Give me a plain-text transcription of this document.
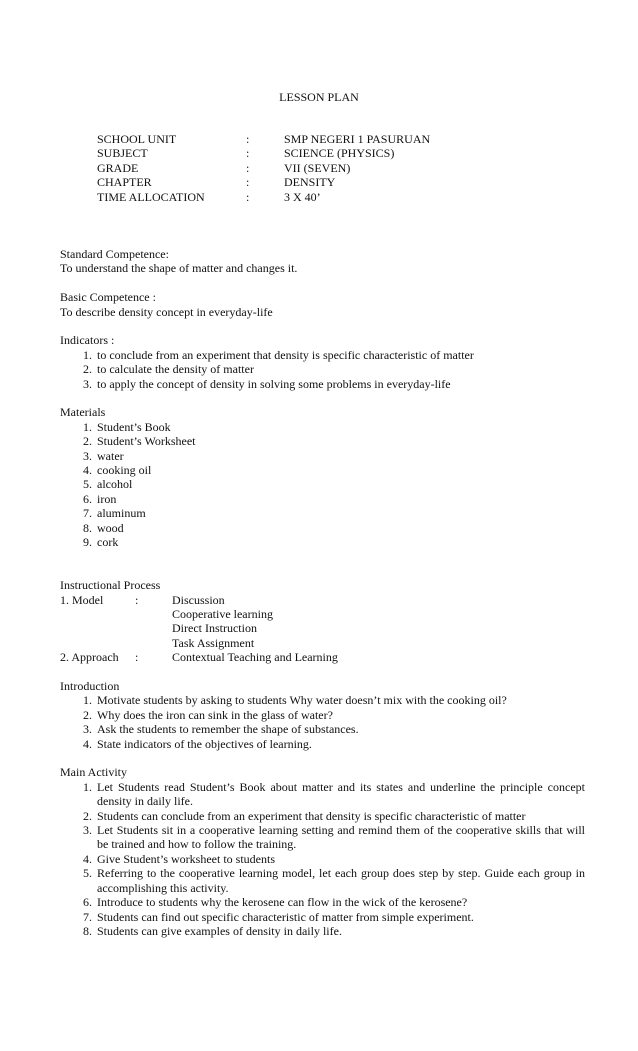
LESSON PLAN
SCHOOL UNIT	:	SMP NEGERI 1 PASURUAN
SUBJECT	:	SCIENCE (PHYSICS)
GRADE	:	VII (SEVEN)
CHAPTER	:	DENSITY
TIME ALLOCATION	:	3 X 40’

Standard Competence:

To understand the shape of matter and changes it.

Basic Competence :

To describe density concept in everyday-life

Indicators :

1. to conclude from an experiment that density is specific characteristic of matter
2. to calculate the density of matter
3. to apply the concept of density in solving some problems in everyday-life

Materials

1. Student’s Book
2. Student’s Worksheet
3. water
4. cooking oil
5. alcohol
6. iron
7. aluminum
8. wood
9. cork

Instructional Process

1. Model	:	Discussion
Cooperative learning
Direct Instruction
Task Assignment
2. Approach :	Contextual Teaching and Learning

Introduction

1. Motivate students by asking to students Why water doesn’t mix with the cooking oil?
2. Why does the iron can sink in the glass of water?
3. Ask the students to remember the shape of substances.
4. State indicators of the objectives of learning.

Main Activity

1. Let Students read Student’s Book about matter and its states and underline the principle concept density in daily life.
2. Students can conclude from an experiment that density is specific characteristic of matter
3. Let Students sit in a cooperative learning setting and remind them of the cooperative skills that will be trained and how to follow the training.
4. Give Student’s worksheet to students
5. Referring to the cooperative learning model, let each group does step by step. Guide each group in accomplishing this activity.
6. Introduce to students why the kerosene can flow in the wick of the kerosene?
7. Students can find out specific characteristic of matter from simple experiment.
8. Students can give examples of density in daily life.
